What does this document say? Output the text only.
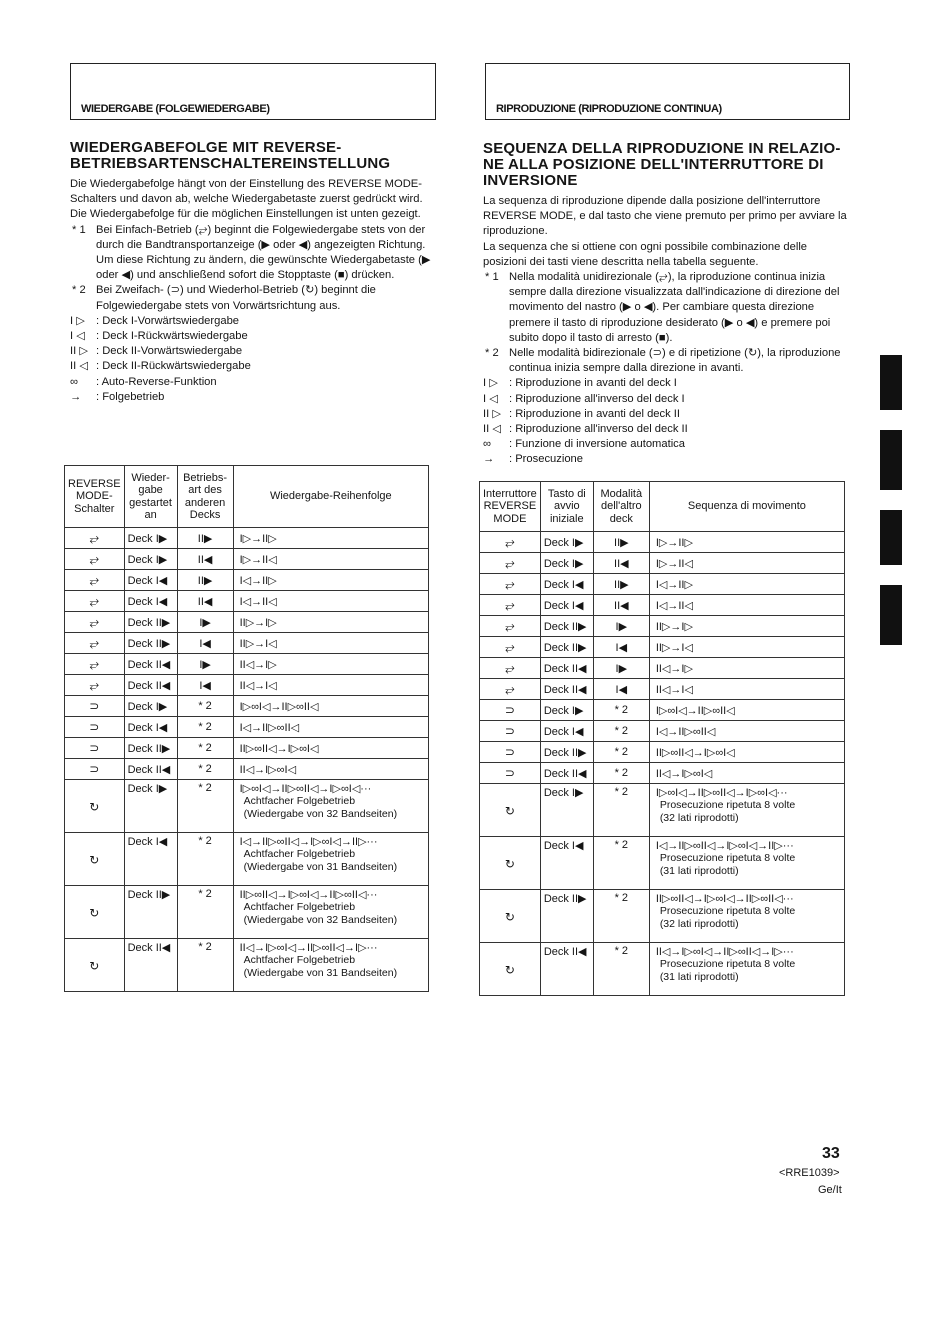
WIEDERGABE (FOLGEWIEDERGABE)
WIEDERGABEFOLGE MIT REVERSE-
BETRIEBSARTENSCHALTEREINSTELLUNG

Die Wiedergabefolge hängt von der Einstellung des REVERSE MODE-Schalters und davon ab, welche Wiedergabetaste zuerst gedrückt wird.

Die Wiedergabefolge für die möglichen Einstellungen ist unten gezeigt.

* 1 Bei Einfach-Betrieb (⥂) beginnt die Folgewiedergabe stets von der durch die Bandtransportanzeige (▶ oder ◀) angezeigten Richtung. Um diese Richtung zu ändern, die gewünschte Wiedergabetaste (▶ oder ◀) und anschließend sofort die Stopptaste (■) drücken.
* 2 Bei Zweifach- (⊃) und Wiederhol-Betrieb (↻) beginnt die Folgewiedergabe stets von Vorwärtsrichtung aus.
I ▷ : Deck I-Vorwärtswiedergabe
I ◁ : Deck I-Rückwärtswiedergabe
II ▷ : Deck II-Vorwärtswiedergabe
II ◁ : Deck II-Rückwärtswiedergabe
∞	: Auto-Reverse-Funktion
→	: Folgebetrieb
REVERSE MODE-Schalter	Wieder-gabe gestartet an	Betriebs-art des anderen Decks	Wiedergabe-Reihenfolge
⥂	Deck I▶	II▶	I▷→II▷
⥂	Deck I▶	II◀	I▷→II◁
⥂	Deck I◀	II▶	I◁→II▷
⥂	Deck I◀	II◀	I◁→II◁
⥂	Deck II▶	I▶	II▷→I▷
⥂	Deck II▶	I◀	II▷→I◁
⥂	Deck II◀	I▶	II◁→I▷
⥂	Deck II◀	I◀	II◁→I◁
⊃	Deck I▶	* 2	I▷∞I◁→II▷∞II◁
⊃	Deck I◀	* 2	I◁→II▷∞II◁
⊃	Deck II▶	* 2	II▷∞II◁→I▷∞I◁
⊃	Deck II◀	* 2	II◁→I▷∞I◁
↻	Deck I▶	* 2	I▷∞I◁→II▷∞II◁→I▷∞I◁···
Achtfacher Folgebetrieb
(Wiedergabe von 32 Bandseiten)

↻	Deck I◀	* 2	I◁→II▷∞II◁→I▷∞I◁→II▷···
Achtfacher Folgebetrieb
(Wiedergabe von 31 Bandseiten)

↻	Deck II▶	* 2	II▷∞II◁→I▷∞I◁→II▷∞II◁···
Achtfacher Folgebetrieb
(Wiedergabe von 32 Bandseiten)

↻	Deck II◀	* 2	II◁→I▷∞I◁→II▷∞II◁→I▷···
Achtfacher Folgebetrieb
(Wiedergabe von 31 Bandseiten)
RIPRODUZIONE (RIPRODUZIONE CONTINUA)
SEQUENZA DELLA RIPRODUZIONE IN RELAZIO-
NE ALLA POSIZIONE DELL'INTERRUTTORE DI
INVERSIONE

La sequenza di riproduzione dipende dalla posizione dell'interruttore REVERSE MODE, e dal tasto che viene premuto per primo per avviare la riproduzione.

La sequenza che si ottiene con ogni possibile combinazione delle posizioni dei tasti viene descritta nella tabella seguente.

* 1 Nella modalità unidirezionale (⥂), la riproduzione continua inizia sempre dalla direzione visualizzata dall'indicazione di direzione del movimento del nastro (▶ o ◀). Per cambiare questa direzione premere il tasto di riproduzione desiderato (▶ o ◀) e premere poi subito dopo il tasto di arresto (■).
* 2 Nelle modalità bidirezionale (⊃) e di ripetizione (↻), la riproduzione continua inizia sempre dalla direzione in avanti.
I ▷ : Riproduzione in avanti del deck I
I ◁ : Riproduzione all'inverso del deck I
II ▷ : Riproduzione in avanti del deck II
II ◁ : Riproduzione all'inverso del deck II
∞	: Funzione di inversione automatica
→	: Prosecuzione
Interruttore REVERSE MODE	Tasto di avvio iniziale	Modalità dell'altro deck	Sequenza di movimento
⥂	Deck I▶	II▶	I▷→II▷
⥂	Deck I▶	II◀	I▷→II◁
⥂	Deck I◀	II▶	I◁→II▷
⥂	Deck I◀	II◀	I◁→II◁
⥂	Deck II▶	I▶	II▷→I▷
⥂	Deck II▶	I◀	II▷→I◁
⥂	Deck II◀	I▶	II◁→I▷
⥂	Deck II◀	I◀	II◁→I◁
⊃	Deck I▶	* 2	I▷∞I◁→II▷∞II◁
⊃	Deck I◀	* 2	I◁→II▷∞II◁
⊃	Deck II▶	* 2	II▷∞II◁→I▷∞I◁
⊃	Deck II◀	* 2	II◁→I▷∞I◁
↻	Deck I▶	* 2	I▷∞I◁→II▷∞II◁→I▷∞I◁···
Prosecuzione ripetuta 8 volte
(32 lati riprodotti)

↻	Deck I◀	* 2	I◁→II▷∞II◁→I▷∞I◁→II▷···
Prosecuzione ripetuta 8 volte
(31 lati riprodotti)

↻	Deck II▶	* 2	II▷∞II◁→I▷∞I◁→II▷∞II◁···
Prosecuzione ripetuta 8 volte
(32 lati riprodotti)

↻	Deck II◀	* 2	II◁→I▷∞I◁→II▷∞II◁→I▷···
Prosecuzione ripetuta 8 volte
(31 lati riprodotti)
33
<RRE1039>
Ge/It
